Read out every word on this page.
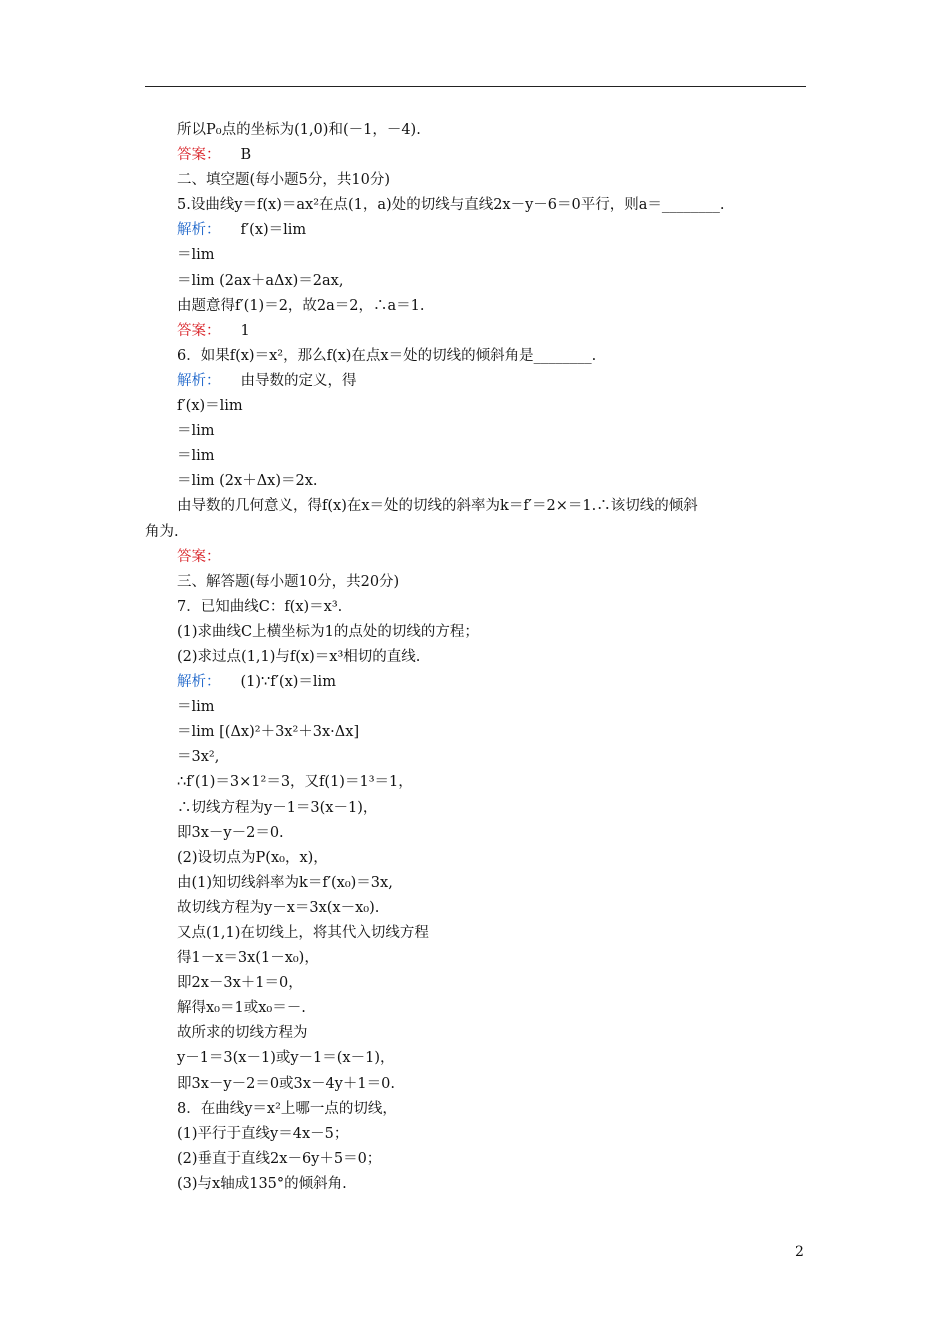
所以P₀点的坐标为(1,0)和(－1，－4).
答案： B
二、填空题(每小题5分，共10分)
5.设曲线y＝f(x)＝ax²在点(1，a)处的切线与直线2x－y－6＝0平行，则a＝________.
解析： f′(x)＝lim
＝lim
＝lim (2ax＋aΔx)＝2ax,
由题意得f′(1)＝2，故2a＝2，∴a＝1.
答案： 1
6．如果f(x)＝x²，那么f(x)在点x＝处的切线的倾斜角是________.
解析： 由导数的定义，得
f′(x)＝lim
＝lim
＝lim
＝lim (2x＋Δx)＝2x.
由导数的几何意义，得f(x)在x＝处的切线的斜率为k＝f′＝2×＝1.∴该切线的倾斜
角为.
答案：
三、解答题(每小题10分，共20分)
7．已知曲线C：f(x)＝x³.
(1)求曲线C上横坐标为1的点处的切线的方程；
(2)求过点(1,1)与f(x)＝x³相切的直线.
解析： (1)∵f′(x)＝lim
＝lim
＝lim [(Δx)²＋3x²＋3x·Δx]
＝3x²,
∴f′(1)＝3×1²＝3，又f(1)＝1³＝1，
∴切线方程为y－1＝3(x－1)，
即3x－y－2＝0.
(2)设切点为P(x₀，x)，
由(1)知切线斜率为k＝f′(x₀)＝3x,
故切线方程为y－x＝3x(x－x₀).
又点(1,1)在切线上，将其代入切线方程
得1－x＝3x(1－x₀)，
即2x－3x＋1＝0，
解得x₀＝1或x₀＝－.
故所求的切线方程为
y－1＝3(x－1)或y－1＝(x－1)，
即3x－y－2＝0或3x－4y＋1＝0.
8．在曲线y＝x²上哪一点的切线，
(1)平行于直线y＝4x－5；
(2)垂直于直线2x－6y＋5＝0；
(3)与x轴成135°的倾斜角.
2
